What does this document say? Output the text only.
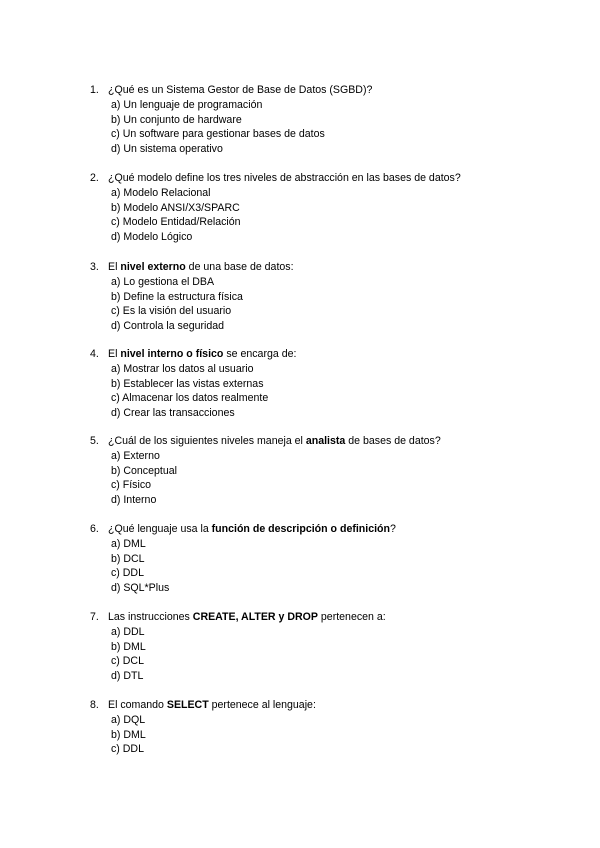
1. ¿Qué es un Sistema Gestor de Base de Datos (SGBD)?
a) Un lenguaje de programación
b) Un conjunto de hardware
c) Un software para gestionar bases de datos
d) Un sistema operativo
2. ¿Qué modelo define los tres niveles de abstracción en las bases de datos?
a) Modelo Relacional
b) Modelo ANSI/X3/SPARC
c) Modelo Entidad/Relación
d) Modelo Lógico
3. El nivel externo de una base de datos:
a) Lo gestiona el DBA
b) Define la estructura física
c) Es la visión del usuario
d) Controla la seguridad
4. El nivel interno o físico se encarga de:
a) Mostrar los datos al usuario
b) Establecer las vistas externas
c) Almacenar los datos realmente
d) Crear las transacciones
5. ¿Cuál de los siguientes niveles maneja el analista de bases de datos?
a) Externo
b) Conceptual
c) Físico
d) Interno
6. ¿Qué lenguaje usa la función de descripción o definición?
a) DML
b) DCL
c) DDL
d) SQL*Plus
7. Las instrucciones CREATE, ALTER y DROP pertenecen a:
a) DDL
b) DML
c) DCL
d) DTL
8. El comando SELECT pertenece al lenguaje:
a) DQL
b) DML
c) DDL
